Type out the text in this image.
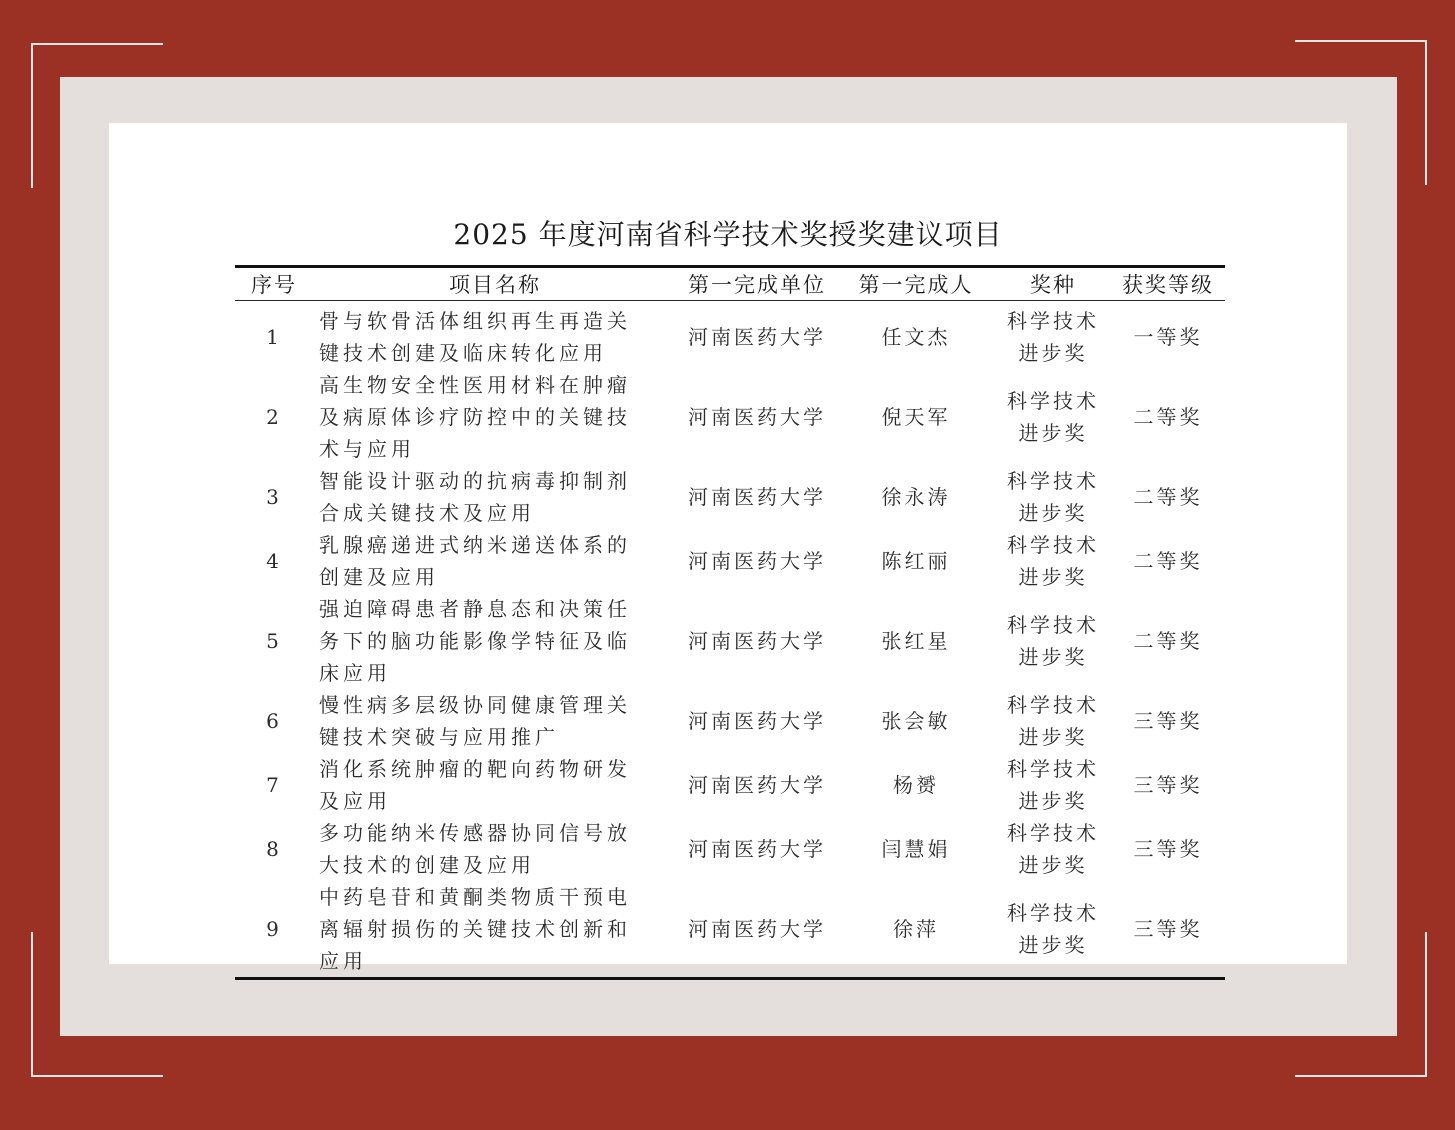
2025 年度河南省科学技术奖授奖建议项目
序号	项目名称	第一完成单位	第一完成人	奖种	获奖等级
1	骨与软骨活体组织再生再造关键技术创建及临床转化应用	河南医药大学	任文杰	科学技术进步奖	一等奖
2	高生物安全性医用材料在肿瘤及病原体诊疗防控中的关键技术与应用	河南医药大学	倪天军	科学技术进步奖	二等奖
3	智能设计驱动的抗病毒抑制剂合成关键技术及应用	河南医药大学	徐永涛	科学技术进步奖	二等奖
4	乳腺癌递进式纳米递送体系的创建及应用	河南医药大学	陈红丽	科学技术进步奖	二等奖
5	强迫障碍患者静息态和决策任务下的脑功能影像学特征及临床应用	河南医药大学	张红星	科学技术进步奖	二等奖
6	慢性病多层级协同健康管理关键技术突破与应用推广	河南医药大学	张会敏	科学技术进步奖	三等奖
7	消化系统肿瘤的靶向药物研发及应用	河南医药大学	杨赟	科学技术进步奖	三等奖
8	多功能纳米传感器协同信号放大技术的创建及应用	河南医药大学	闫慧娟	科学技术进步奖	三等奖
9	中药皂苷和黄酮类物质干预电离辐射损伤的关键技术创新和应用	河南医药大学	徐萍	科学技术进步奖	三等奖
